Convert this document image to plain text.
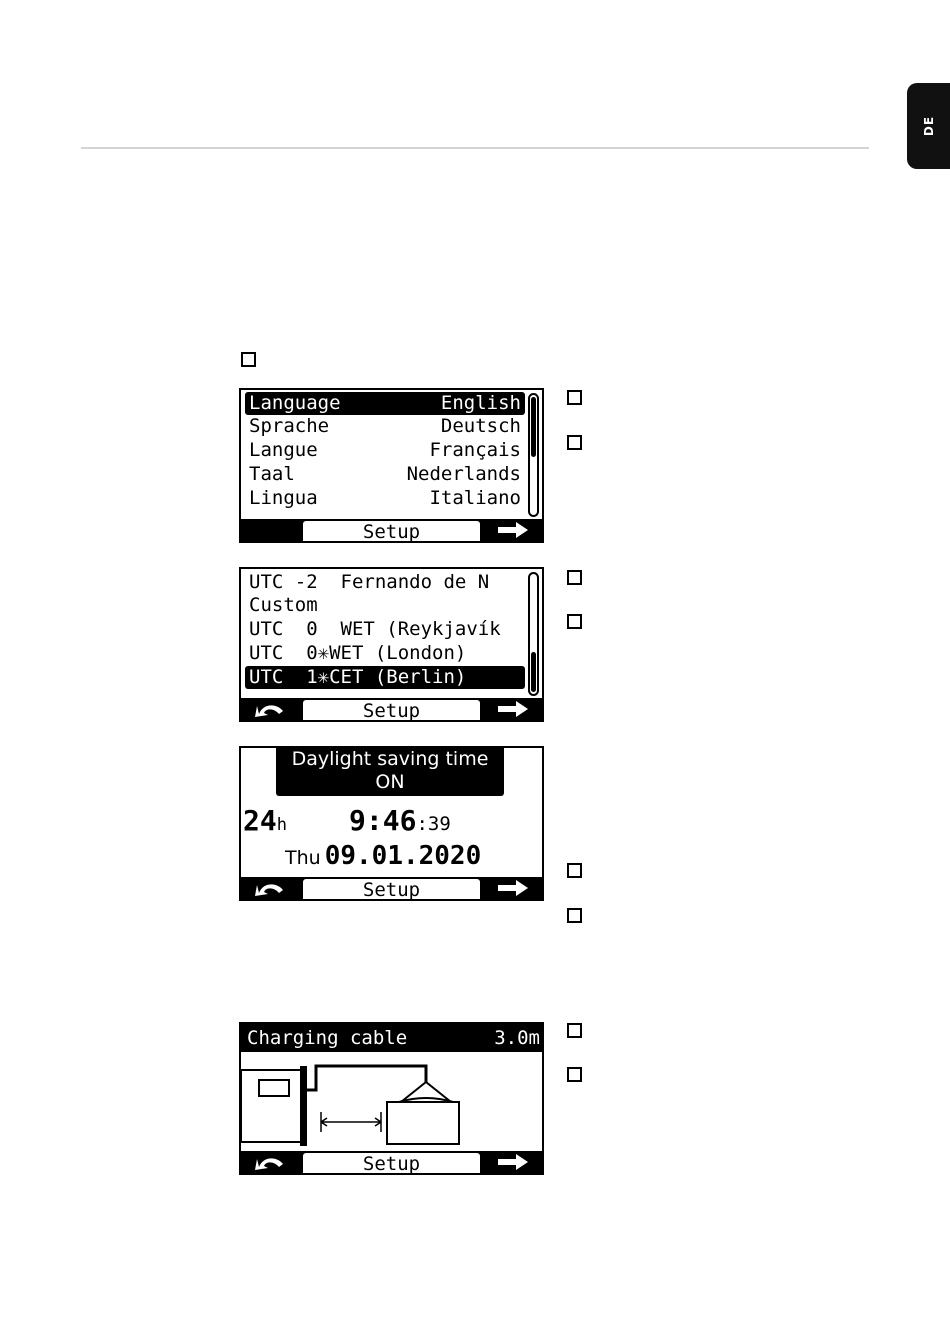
DE
Language	English
Sprache	Deutsch
Langue	Français
Taal	Nederlands
Lingua	Italiano
Setup
UTC -2  Fernando de N
Custom
UTC  0  WET (Reykjavík
UTC  0✳WET (London)
UTC  1✳CET (Berlin)
Setup
Daylight saving time
ON
24 h 9:46 :39
Thu 09.01.2020
Setup
Charging cable	3.0m
Setup
